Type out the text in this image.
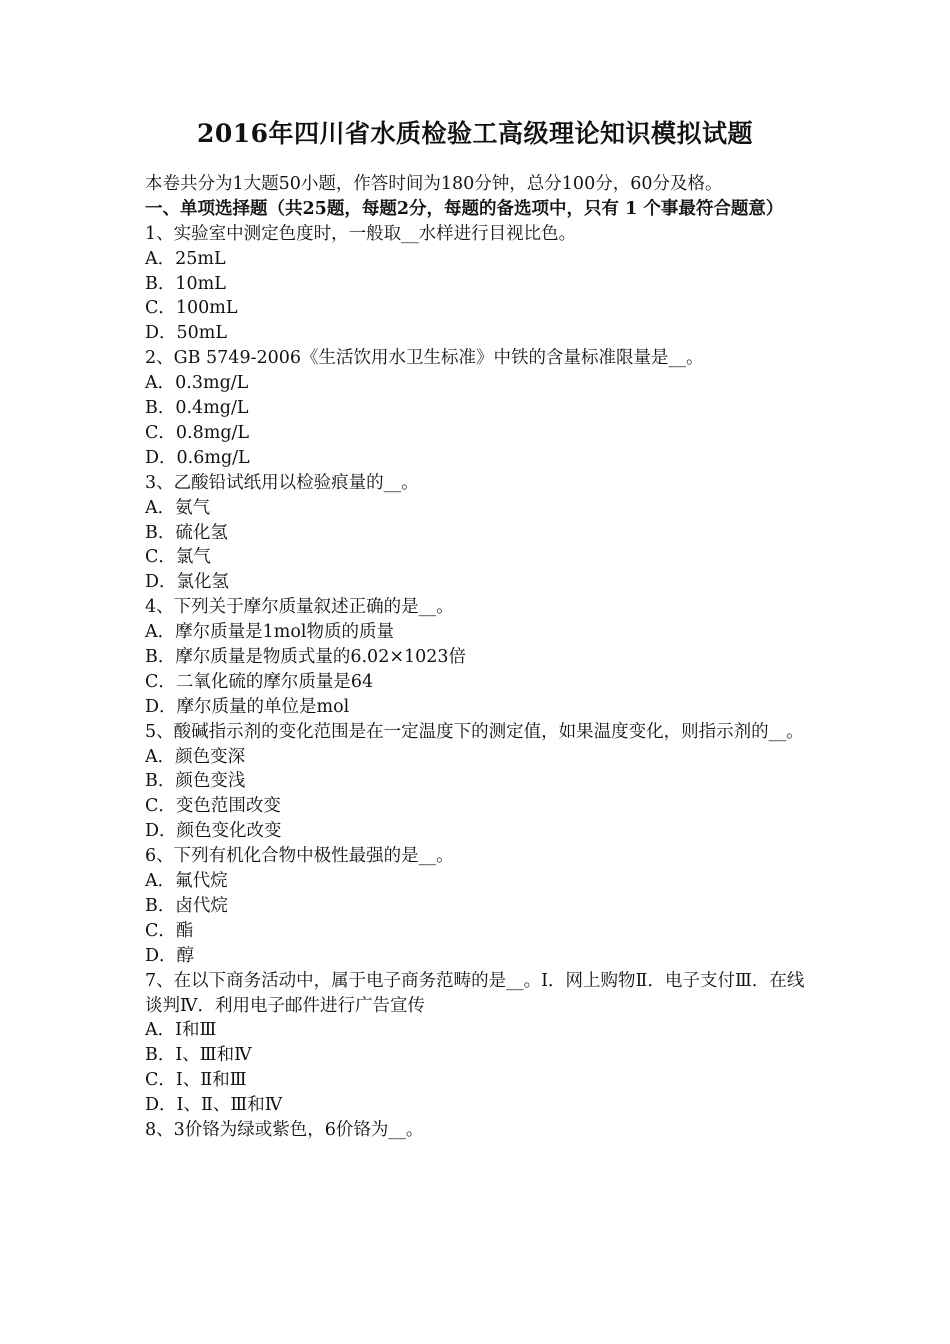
2016年四川省水质检验工高级理论知识模拟试题
本卷共分为1大题50小题，作答时间为180分钟，总分100分，60分及格。
一、单项选择题（共25题，每题2分，每题的备选项中，只有 1 个事最符合题意）
1、实验室中测定色度时，一般取__水样进行目视比色。
A．25mL
B．10mL
C．100mL
D．50mL
2、GB 5749-2006《生活饮用水卫生标准》中铁的含量标准限量是__。
A．0.3mg/L
B．0.4mg/L
C．0.8mg/L
D．0.6mg/L
3、乙酸铅试纸用以检验痕量的__。
A．氨气
B．硫化氢
C．氯气
D．氯化氢
4、下列关于摩尔质量叙述正确的是__。
A．摩尔质量是1mol物质的质量
B．摩尔质量是物质式量的6.02×1023倍
C．二氧化硫的摩尔质量是64
D．摩尔质量的单位是mol
5、酸碱指示剂的变化范围是在一定温度下的测定值，如果温度变化，则指示剂的__。
A．颜色变深
B．颜色变浅
C．变色范围改变
D．颜色变化改变
6、下列有机化合物中极性最强的是__。
A．氟代烷
B．卤代烷
C．酯
D．醇
7、在以下商务活动中，属于电子商务范畴的是__。Ⅰ．网上购物Ⅱ．电子支付Ⅲ．在线谈判Ⅳ．利用电子邮件进行广告宣传
A．Ⅰ和Ⅲ
B．Ⅰ、Ⅲ和Ⅳ
C．Ⅰ、Ⅱ和Ⅲ
D．Ⅰ、Ⅱ、Ⅲ和Ⅳ
8、3价铬为绿或紫色，6价铬为__。
